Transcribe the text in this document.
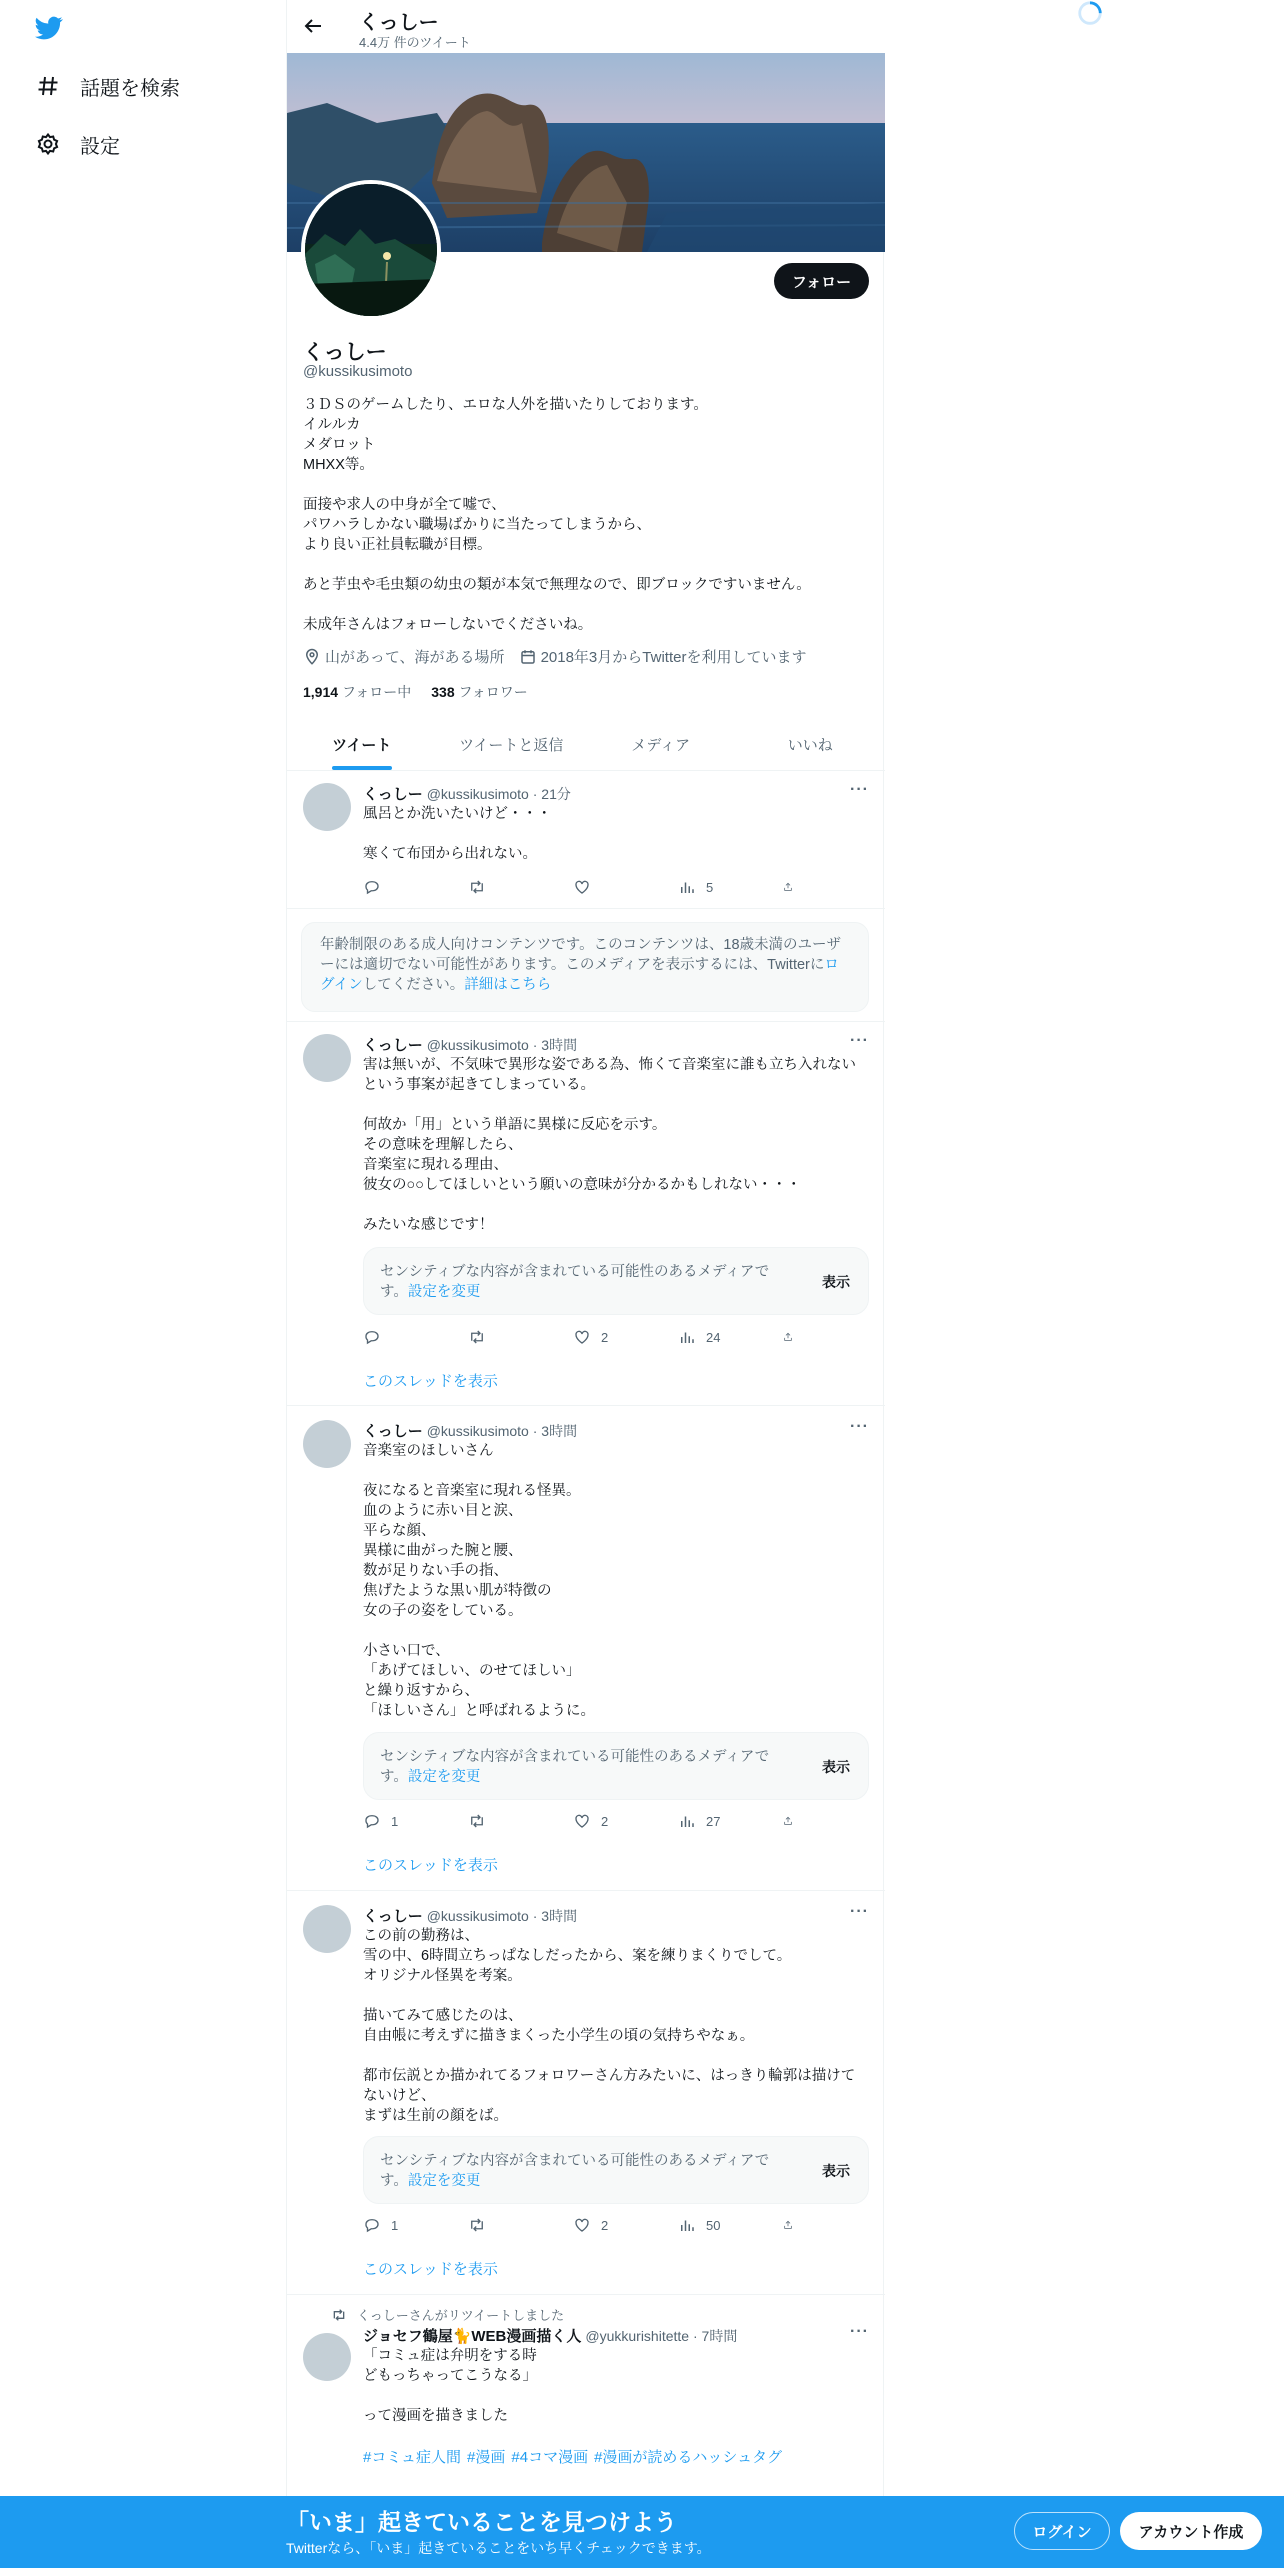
話題を検索
設定
くっしー
4.4万 件のツイート
フォロー
くっしー
@kussikusimoto
３ＤＳのゲームしたり、エロな人外を描いたりしております。
イルルカ
メダロット
MHXX等。

面接や求人の中身が全て嘘で、
パワハラしかない職場ばかりに当たってしまうから、
より良い正社員転職が目標。

あと芋虫や毛虫類の幼虫の類が本気で無理なので、即ブロックですいません。

未成年さんはフォローしないでくださいね。
山があって、海がある場所 2018年3月からTwitterを利用しています
1,914 フォロー中 338 フォロワー
ツイート	ツイートと返信	メディア	いいね
くっしー @kussikusimoto · 21分	···
風呂とか洗いたいけど・・・

寒くて布団から出れない。
5
年齢制限のある成人向けコンテンツです。このコンテンツは、18歳未満のユーザーには適切でない可能性があります。このメディアを表示するには、Twitterにログインしてください。詳細はこちら
くっしー @kussikusimoto · 3時間	···
害は無いが、不気味で異形な姿である為、怖くて音楽室に誰も立ち入れないという事案が起きてしまっている。

何故か「用」という単語に異様に反応を示す。
その意味を理解したら、
音楽室に現れる理由、
彼女の○○してほしいという願いの意味が分かるかもしれない・・・

みたいな感じです！
センシティブな内容が含まれている可能性のあるメディアです。設定を変更
表示
2	24
このスレッドを表示
くっしー @kussikusimoto · 3時間	···
音楽室のほしいさん

夜になると音楽室に現れる怪異。
血のように赤い目と涙、
平らな顔、
異様に曲がった腕と腰、
数が足りない手の指、
焦げたような黒い肌が特徴の
女の子の姿をしている。

小さい口で、
「あげてほしい、のせてほしい」
と繰り返すから、
「ほしいさん」と呼ばれるように。
センシティブな内容が含まれている可能性のあるメディアです。設定を変更
表示
1	2	27
このスレッドを表示
くっしー @kussikusimoto · 3時間	···
この前の勤務は、
雪の中、6時間立ちっぱなしだったから、案を練りまくりでして。
オリジナル怪異を考案。

描いてみて感じたのは、
自由帳に考えずに描きまくった小学生の頃の気持ちやなぁ。

都市伝説とか描かれてるフォロワーさん方みたいに、はっきり輪郭は描けてないけど、
まずは生前の顔をば。
センシティブな内容が含まれている可能性のあるメディアです。設定を変更
表示
1	2	50
このスレッドを表示
くっしーさんがリツイートしました
ジョセフ鶴屋🐈WEB漫画描く人 @yukkurishitette · 7時間	···
「コミュ症は弁明をする時
どもっちゃってこうなる」

って漫画を描きました
#コミュ症人間 #漫画 #4コマ漫画 #漫画が読めるハッシュタグ
「いま」起きていることを見つけよう
Twitterなら、「いま」起きていることをいち早くチェックできます。
ログイン	アカウント作成
